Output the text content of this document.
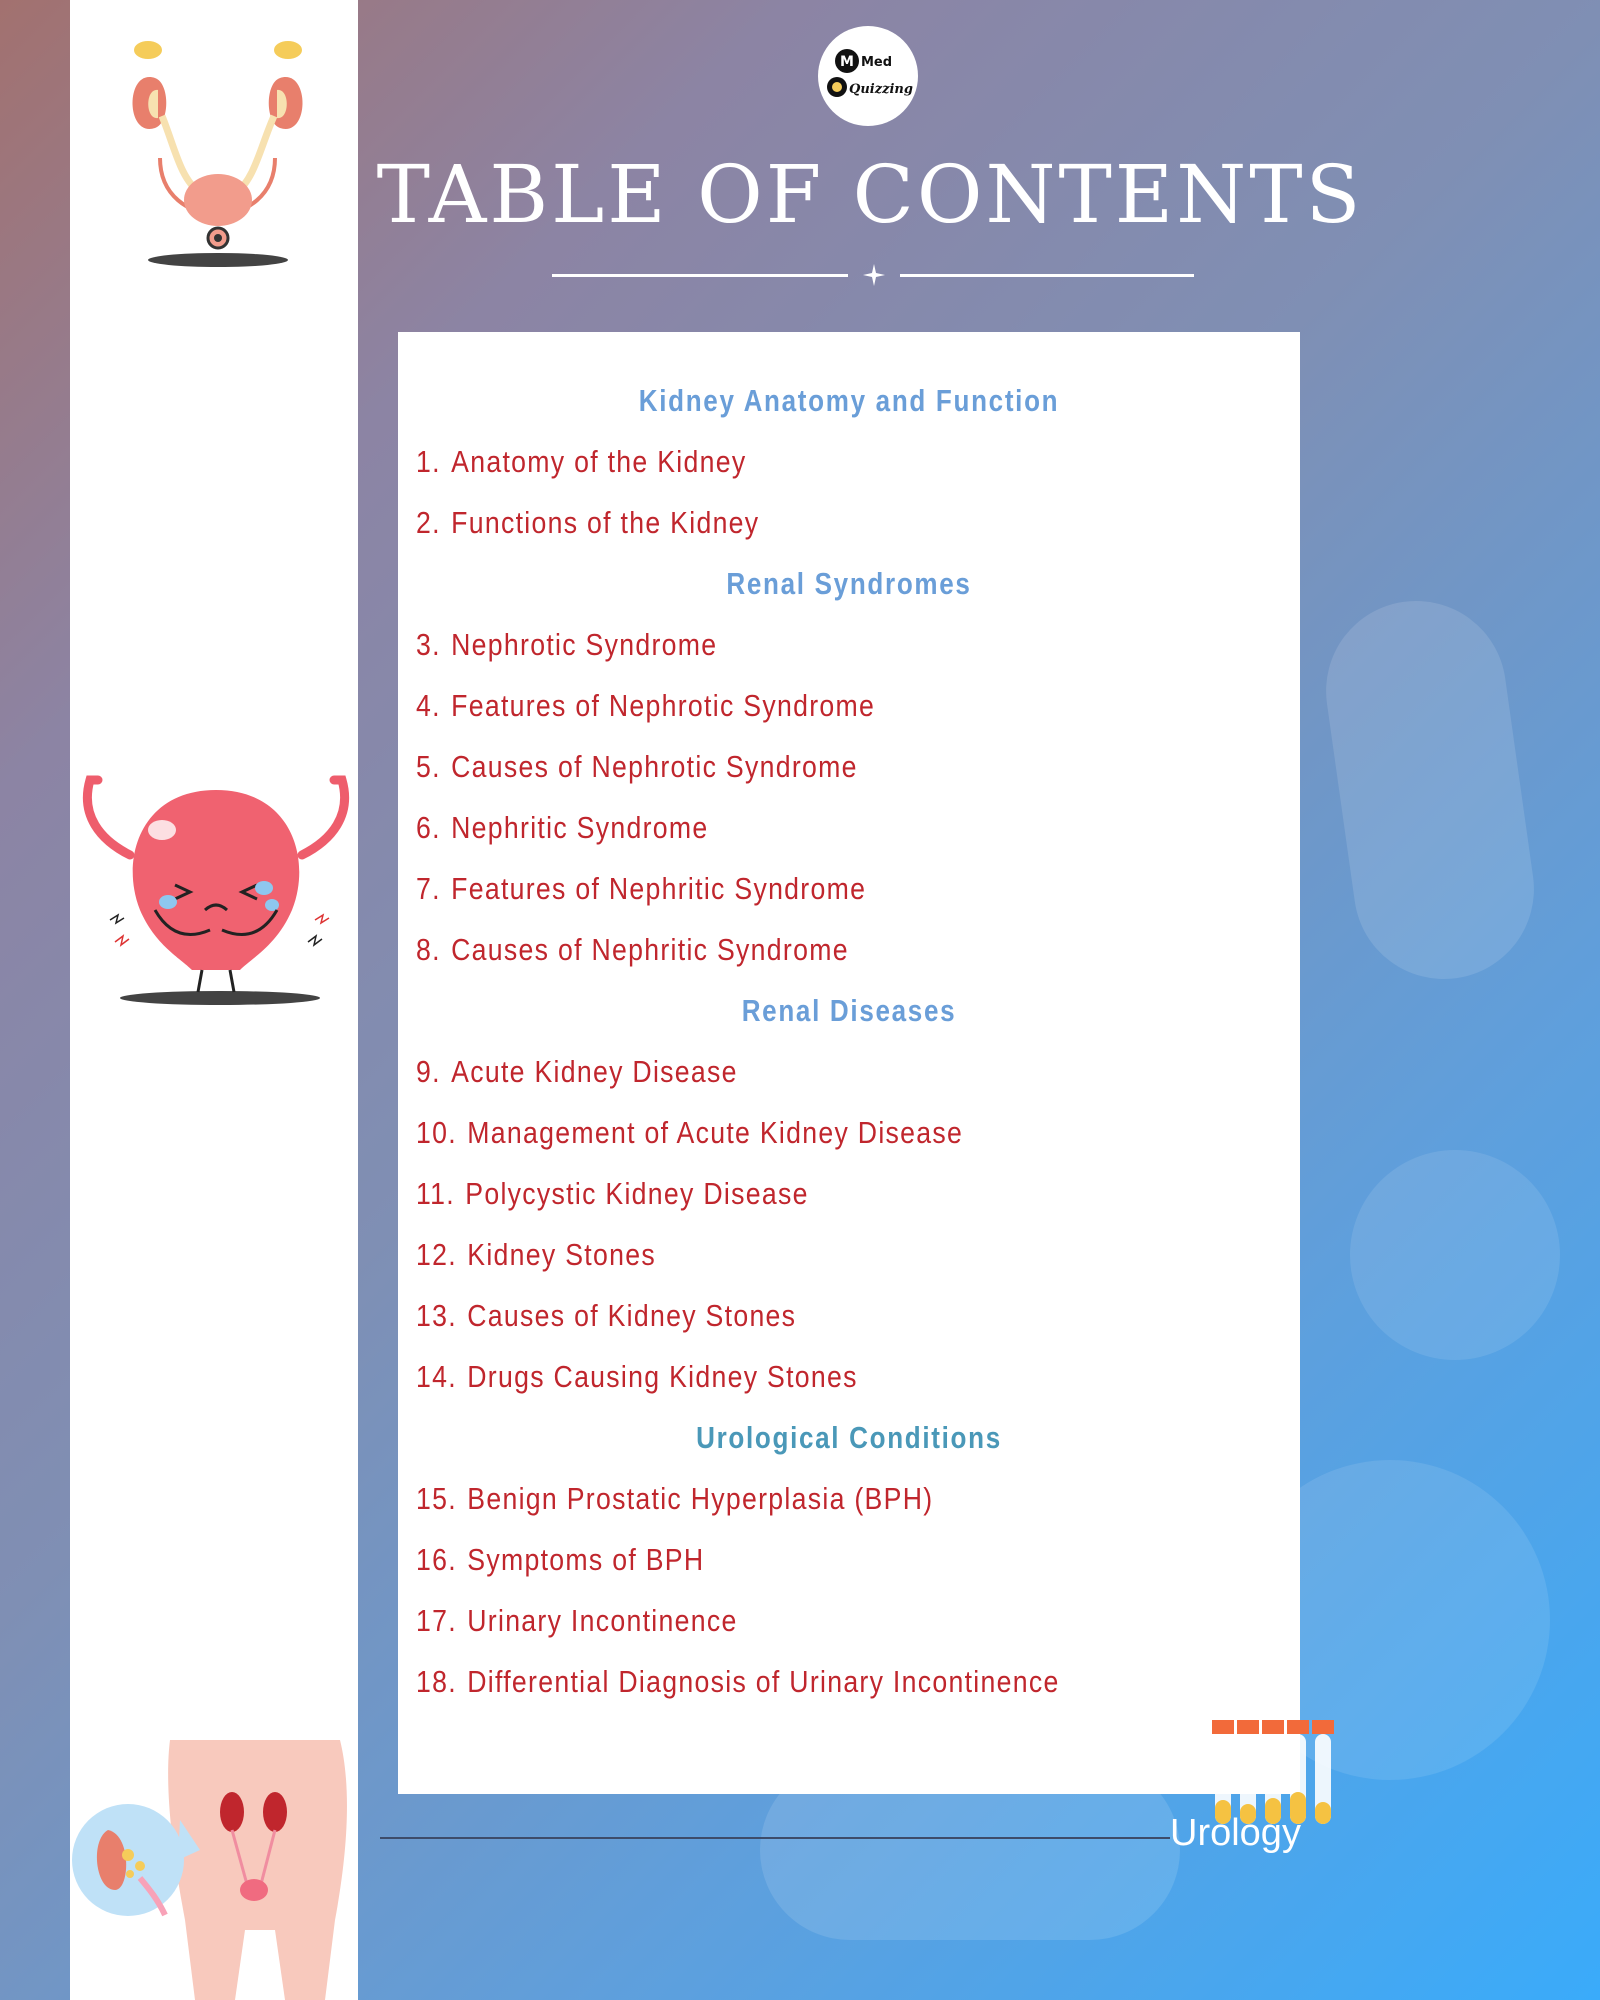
M Med
Quizzing
TABLE OF CONTENTS
Kidney Anatomy and Function
1. Anatomy of the Kidney
2. Functions of the Kidney
Renal Syndromes
3. Nephrotic Syndrome
4. Features of Nephrotic Syndrome
5. Causes of Nephrotic Syndrome
6. Nephritic Syndrome
7. Features of Nephritic Syndrome
8. Causes of Nephritic Syndrome
Renal Diseases
9. Acute Kidney Disease
10. Management of Acute Kidney Disease
11. Polycystic Kidney Disease
12. Kidney Stones
13. Causes of Kidney Stones
14. Drugs Causing Kidney Stones
Urological Conditions
15. Benign Prostatic Hyperplasia (BPH)
16. Symptoms of BPH
17. Urinary Incontinence
18. Differential Diagnosis of Urinary Incontinence
Urology
